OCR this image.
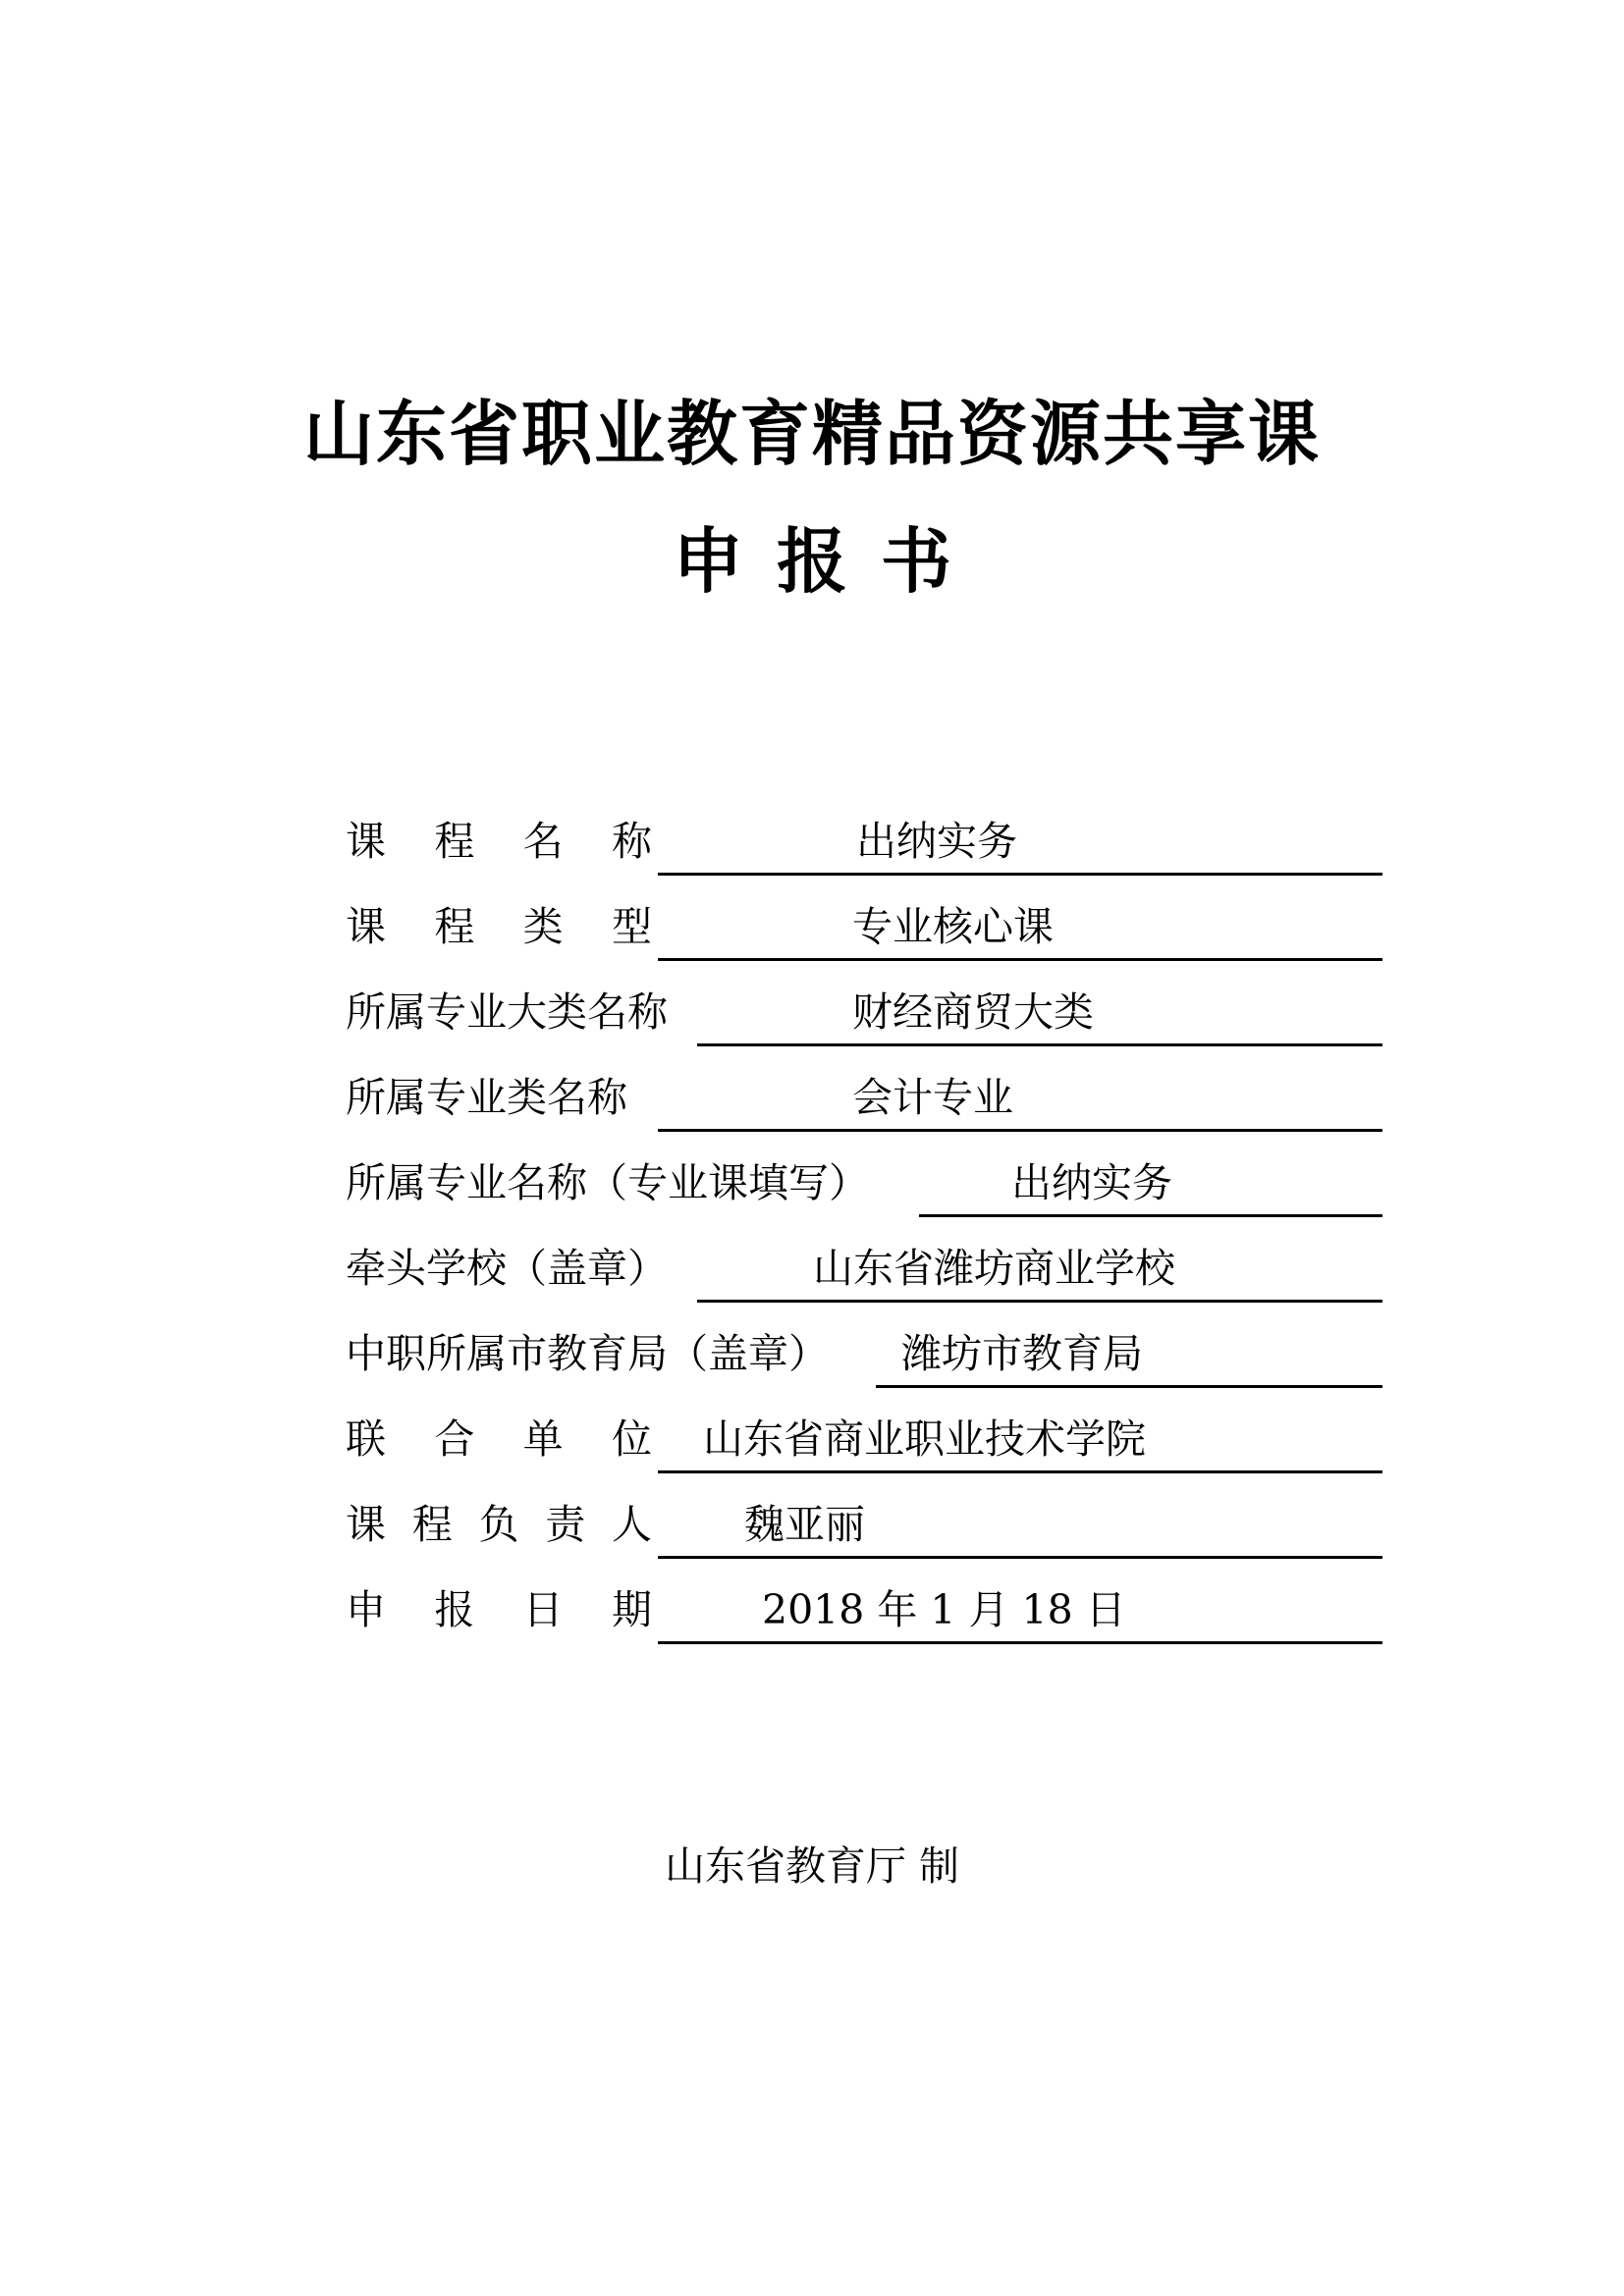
山东省职业教育精品资源共享课
申报书
课 程 名 称	出纳实务
课 程 类 型	专业核心课
所属专业大类名称	财经商贸大类
所属专业类名称	会计专业
所属专业名称（专业课填写）	出纳实务
牵头学校（盖章）	山东省潍坊商业学校
中职所属市教育局（盖章） 潍坊市教育局
联 合 单 位 山东省商业职业技术学院
课 程 负 责 人 魏亚丽
申 报 日 期	2018 年 1 月 18 日
山东省教育厅 制
